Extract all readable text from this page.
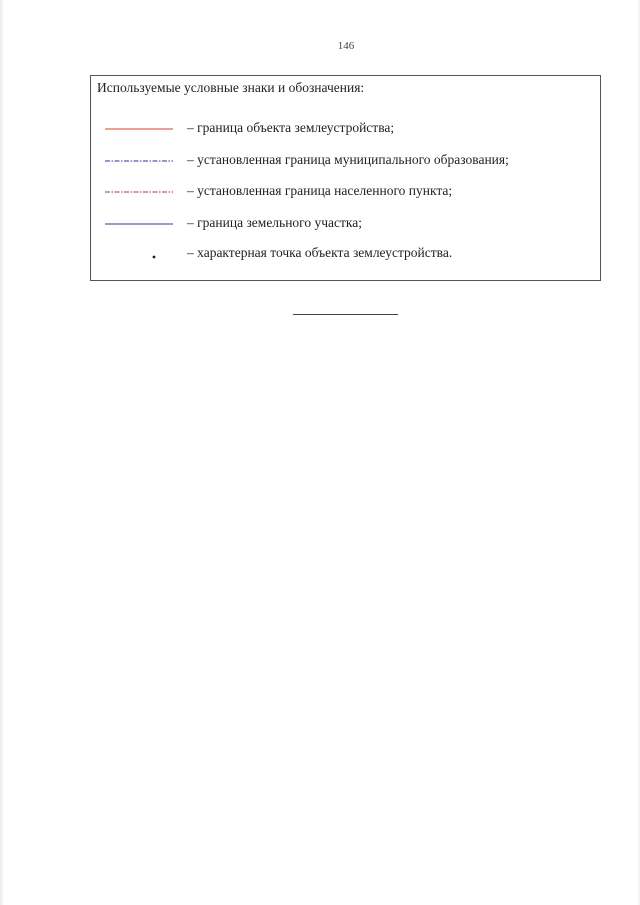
146
Используемые условные знаки и обозначения:
– граница объекта землеустройства;
– установленная граница муниципального образования;
– установленная граница населенного пункта;
– граница земельного участка;
– характерная точка объекта землеустройства.
